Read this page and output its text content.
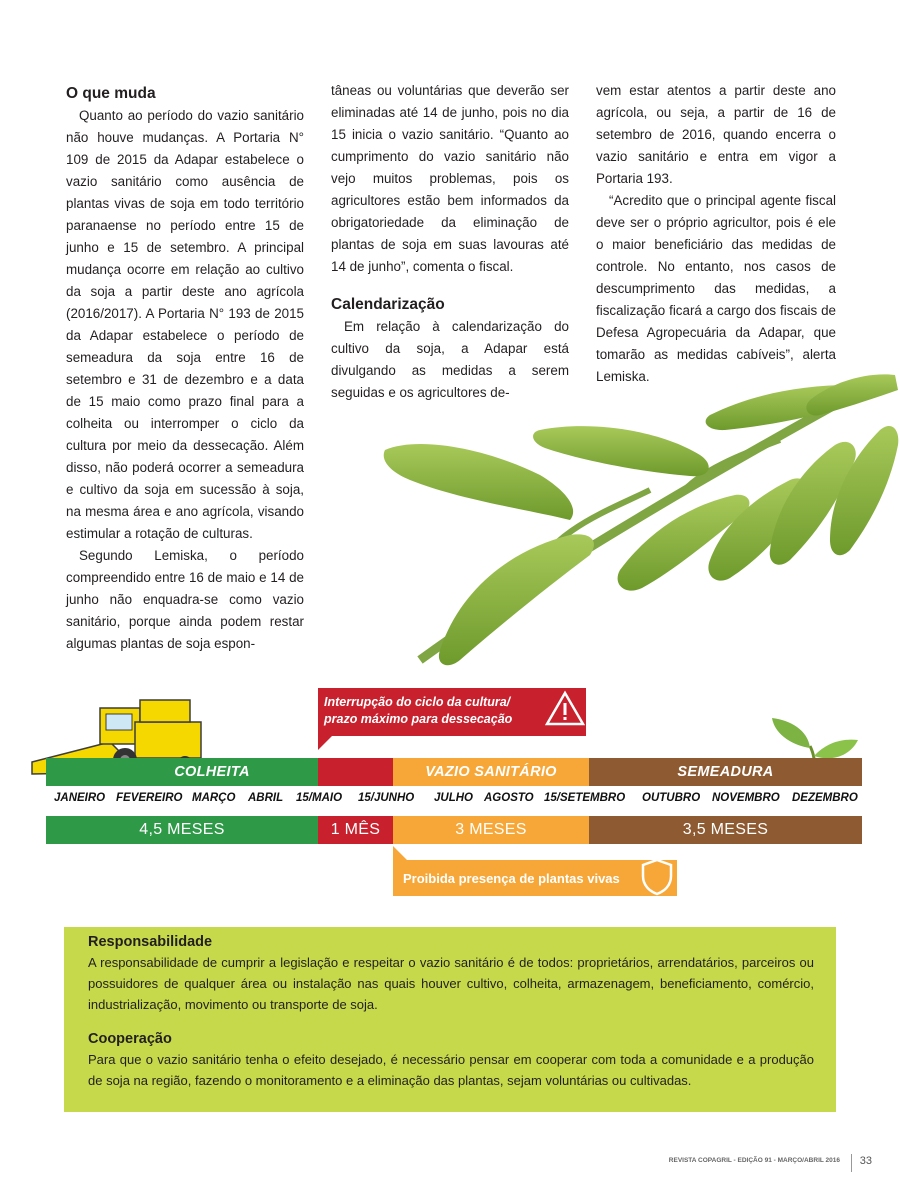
O que muda

Quanto ao período do vazio sanitário não houve mudanças. A Portaria N° 109 de 2015 da Adapar estabelece o vazio sanitário como ausência de plantas vivas de soja em todo território paranaense no período entre 15 de junho e 15 de setembro. A principal mudança ocorre em relação ao cultivo da soja a partir deste ano agrícola (2016/2017). A Portaria N° 193 de 2015 da Adapar estabelece o período de semeadura da soja entre 16 de setembro e 31 de dezembro e a data de 15 maio como prazo final para a colheita ou interromper o ciclo da cultura por meio da dessecação. Além disso, não poderá ocorrer a semeadura e cultivo da soja em sucessão à soja, na mesma área e ano agrícola, visando estimular a rotação de culturas.

Segundo Lemiska, o período compreendido entre 16 de maio e 14 de junho não enquadra-se como vazio sanitário, porque ainda podem restar algumas plantas de soja espon-

tâneas ou voluntárias que deverão ser eliminadas até 14 de junho, pois no dia 15 inicia o vazio sanitário. “Quanto ao cumprimento do vazio sanitário não vejo muitos problemas, pois os agricultores estão bem informados da obrigatoriedade da eliminação de plantas de soja em suas lavouras até 14 de junho”, comenta o fiscal.

Calendarização

Em relação à calendarização do cultivo da soja, a Adapar está divulgando as medidas a serem seguidas e os agricultores de-

vem estar atentos a partir deste ano agrícola, ou seja, a partir de 16 de setembro de 2016, quando encerra o vazio sanitário e entra em vigor a Portaria 193.

“Acredito que o principal agente fiscal deve ser o próprio agricultor, pois é ele o maior beneficiário das medidas de controle. No entanto, nos casos de descumprimento das medidas, a fiscalização ficará a cargo dos fiscais de Defesa Agropecuária da Adapar, que tomarão as medidas cabíveis”, alerta Lemiska.

Interrupção do ciclo da cultura/
prazo máximo para dessecação
COLHEITA	VAZIO SANITÁRIO	SEMEADURA
JANEIRO FEVEREIRO MARÇO ABRIL 15/MAIO 15/JUNHO JULHO AGOSTO 15/SETEMBRO OUTUBRO NOVEMBRO DEZEMBRO
4,5 MESES	1 MÊS	3 MESES	3,5 MESES
Proibida presença de plantas vivas
Responsabilidade

A responsabilidade de cumprir a legislação e respeitar o vazio sanitário é de todos: proprietários, arrendatários, parceiros ou possuidores de qualquer área ou instalação nas quais houver cultivo, colheita, armazenagem, beneficiamento, comércio, industrialização, movimento ou transporte de soja.

Cooperação

Para que o vazio sanitário tenha o efeito desejado, é necessário pensar em cooperar com toda a comunidade e a produção de soja na região, fazendo o monitoramento e a eliminação das plantas, sejam voluntárias ou cultivadas.

REVISTA COPAGRIL - EDIÇÃO 91 - MARÇO/ABRIL 2016 33
